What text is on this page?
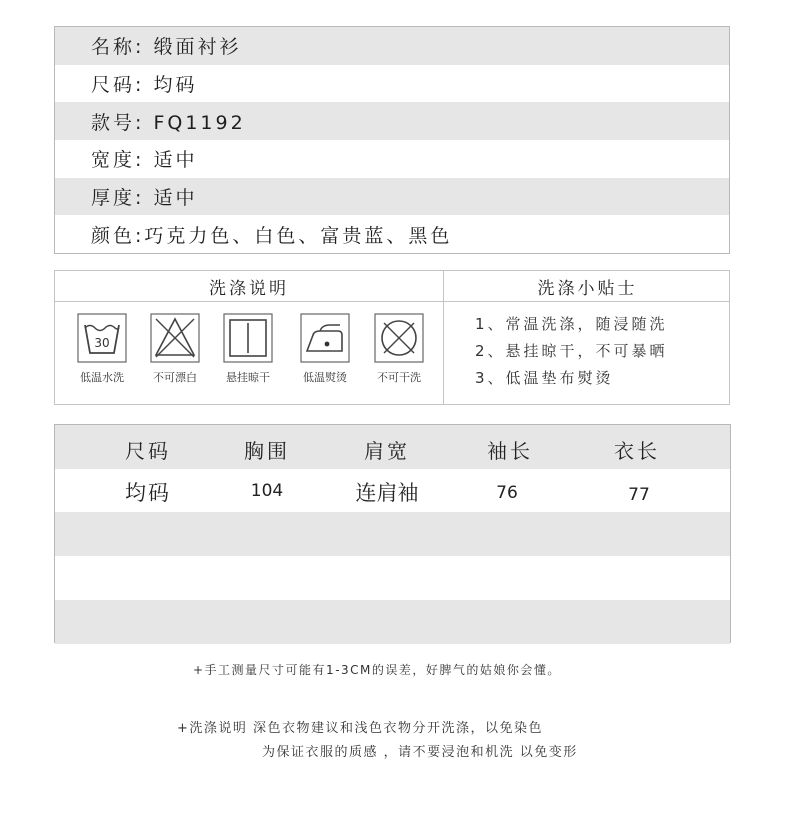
名称: 缎面衬衫
尺码: 均码
款号: FQ1192
宽度: 适中
厚度: 适中
颜色:巧克力色、白色、富贵蓝、黑色
洗涤说明	洗涤小贴士
30
低温水洗	不可漂白	悬挂晾干	低温熨烫	不可干洗
1、常温洗涤，随浸随洗
2、悬挂晾干，不可暴晒
3、低温垫布熨烫
尺码	胸围	肩宽	袖长	衣长
均码	104	连肩袖	76	77
+手工测量尺寸可能有1-3CM的误差，好脾气的姑娘你会懂。
+洗涤说明 深色衣物建议和浅色衣物分开洗涤，以免染色
为保证衣服的质感 ，请不要浸泡和机洗 以免变形
